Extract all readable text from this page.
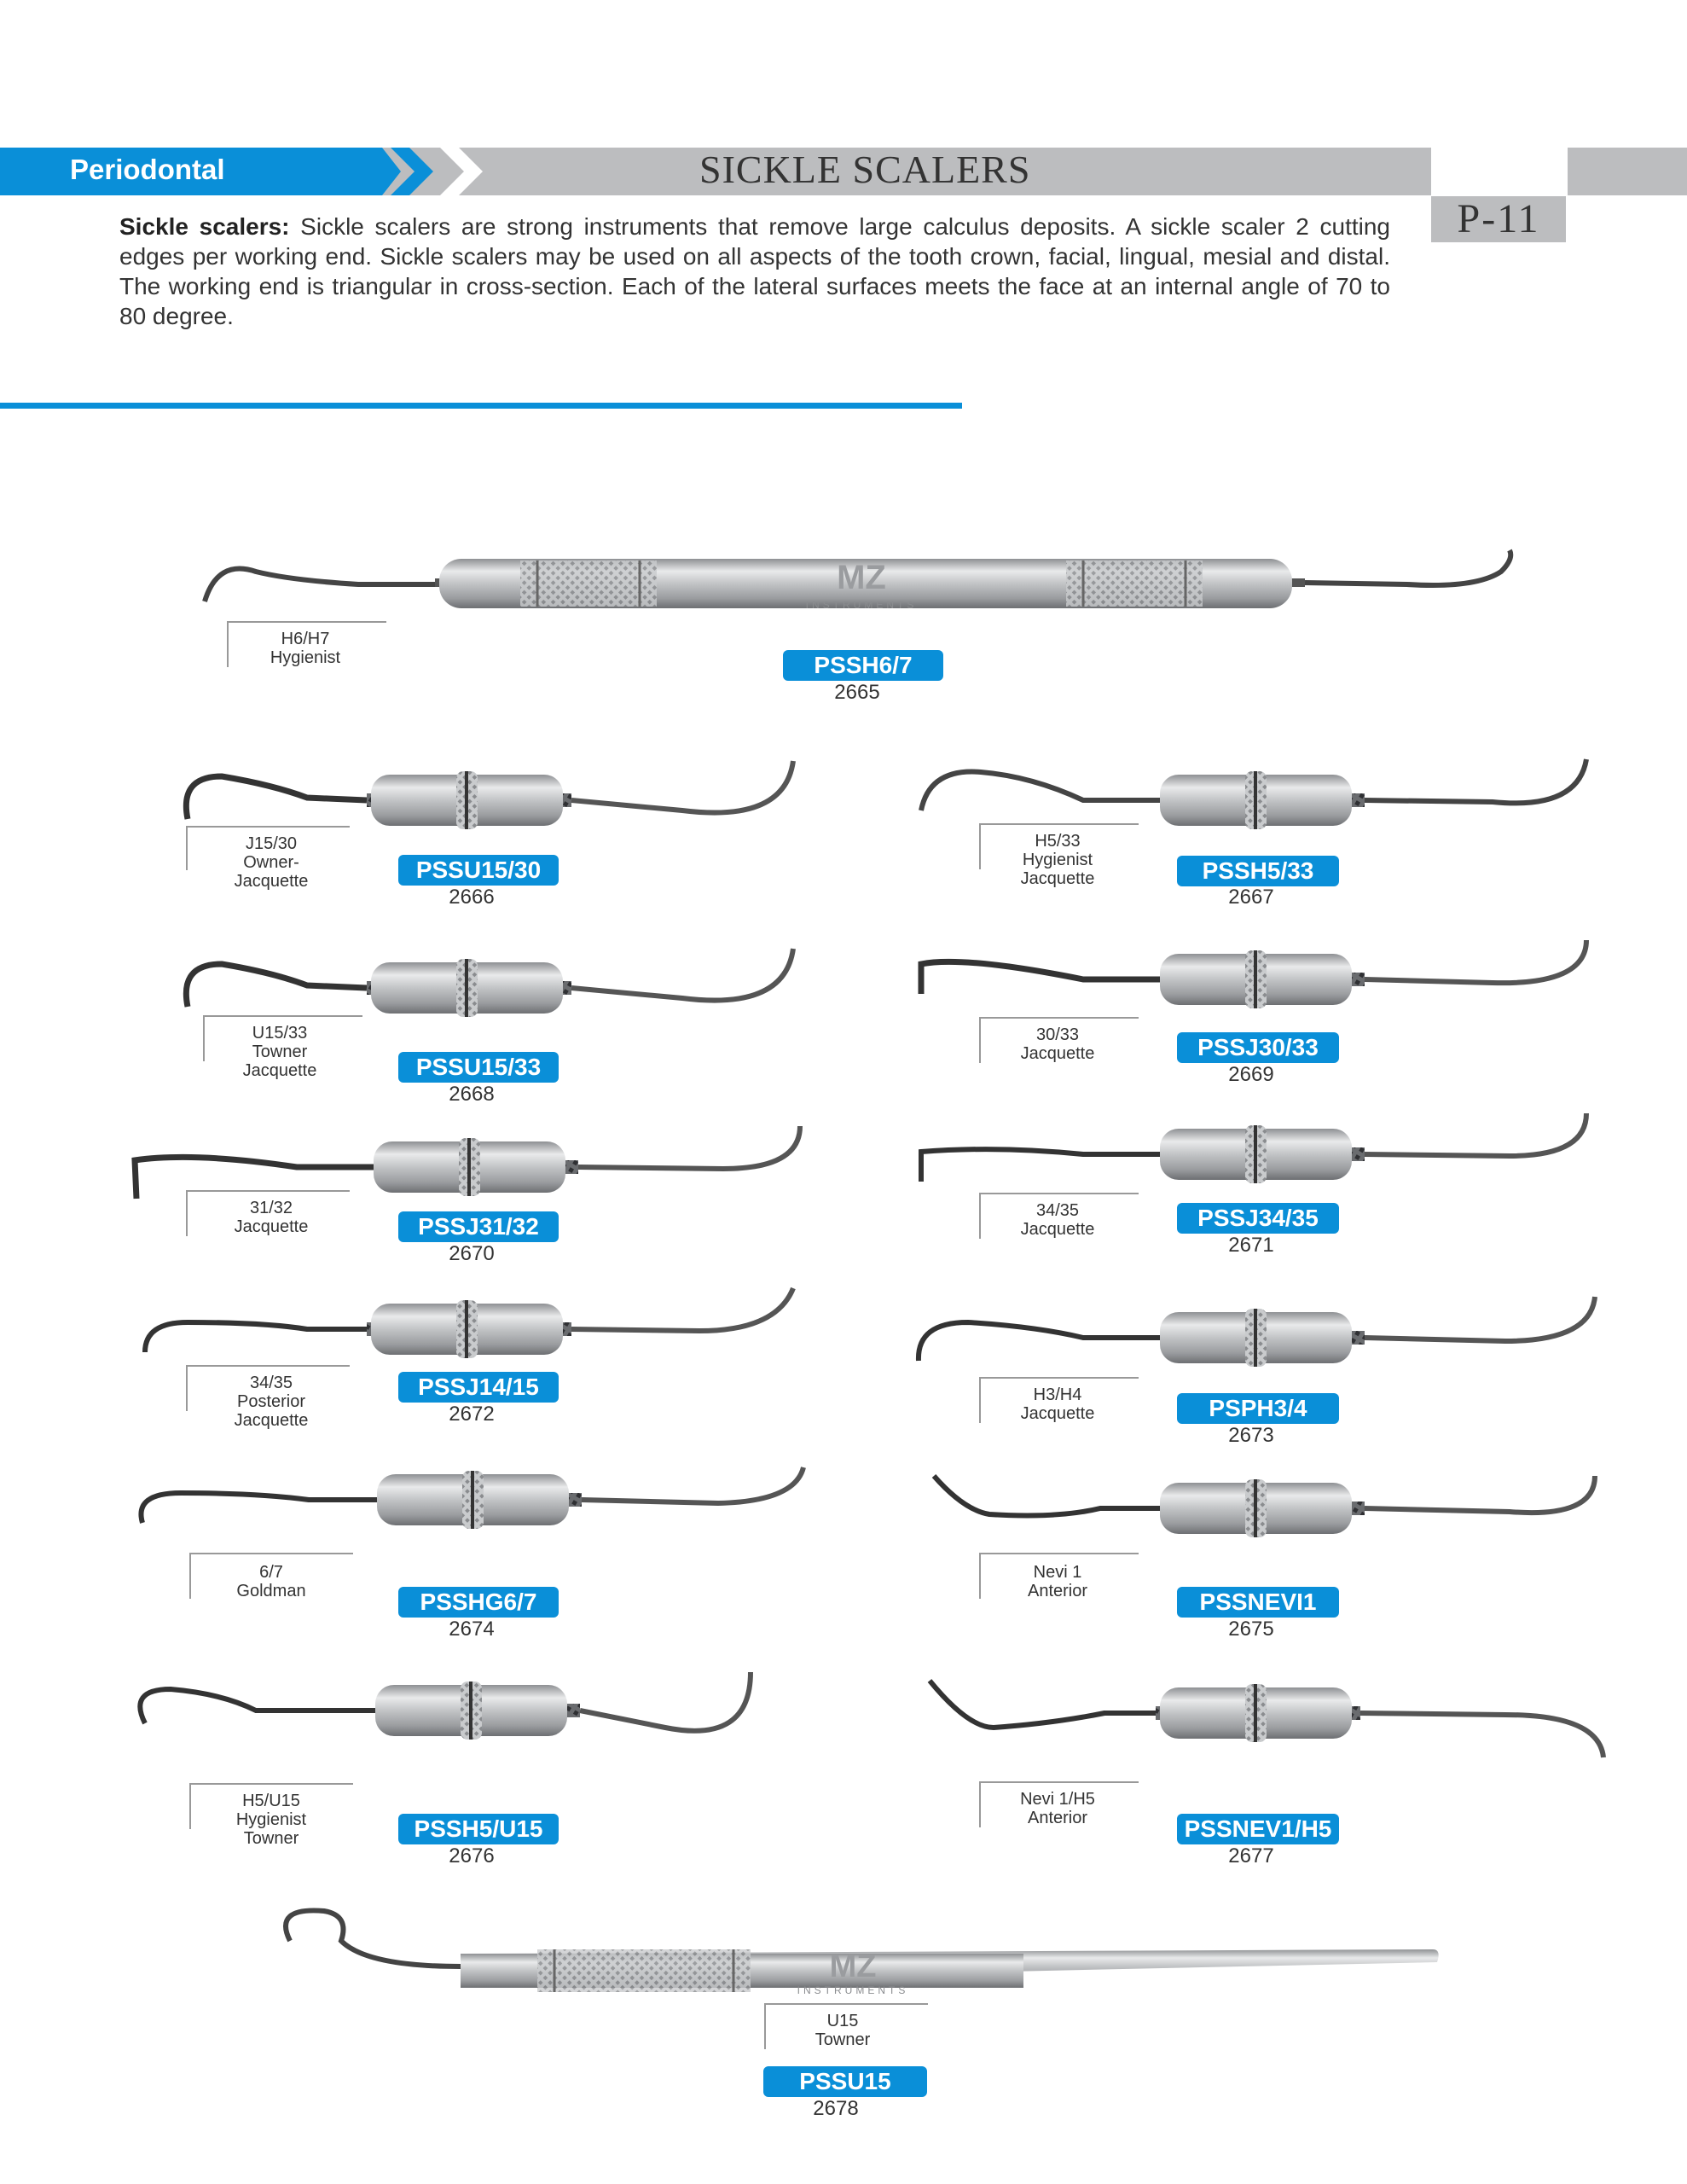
Periodontal	SICKLE SCALERS
P-11
Sickle scalers: Sickle scalers are strong instruments that remove large calculus deposits. A sickle scaler 2 cutting edges per working end. Sickle scalers may be used on all aspects of the tooth crown, facial, lingual, mesial and distal. The working end is triangular in cross-section. Each of the lateral surfaces meets the face at an internal angle of 70 to 80 degree.
MZ
INSTRUMENTS
H6/H7
Hygienist	PSSH6/7
2665
MZ
INSTRUMENTS
J15/30
Owner-
Jacquette	PSSU15/30
2666
H5/33
Hygienist
Jacquette	PSSH5/33
2667
U15/33
Towner
Jacquette	PSSU15/33
2668
30/33
Jacquette	PSSJ30/33
2669
31/32
Jacquette	PSSJ31/32
2670
34/35
Jacquette	PSSJ34/35
2671
34/35
Posterior
Jacquette
PSSJ14/15
2672
H3/H4
Jacquette	PSPH3/4
2673
6/7
Goldman	PSSHG6/7
2674
Nevi 1
Anterior	PSSNEVI1
2675
H5/U15
Hygienist
Towner	PSSH5/U15
2676
Nevi 1/H5
Anterior	PSSNEV1/H5
2677
U15
Towner
PSSU15
2678
